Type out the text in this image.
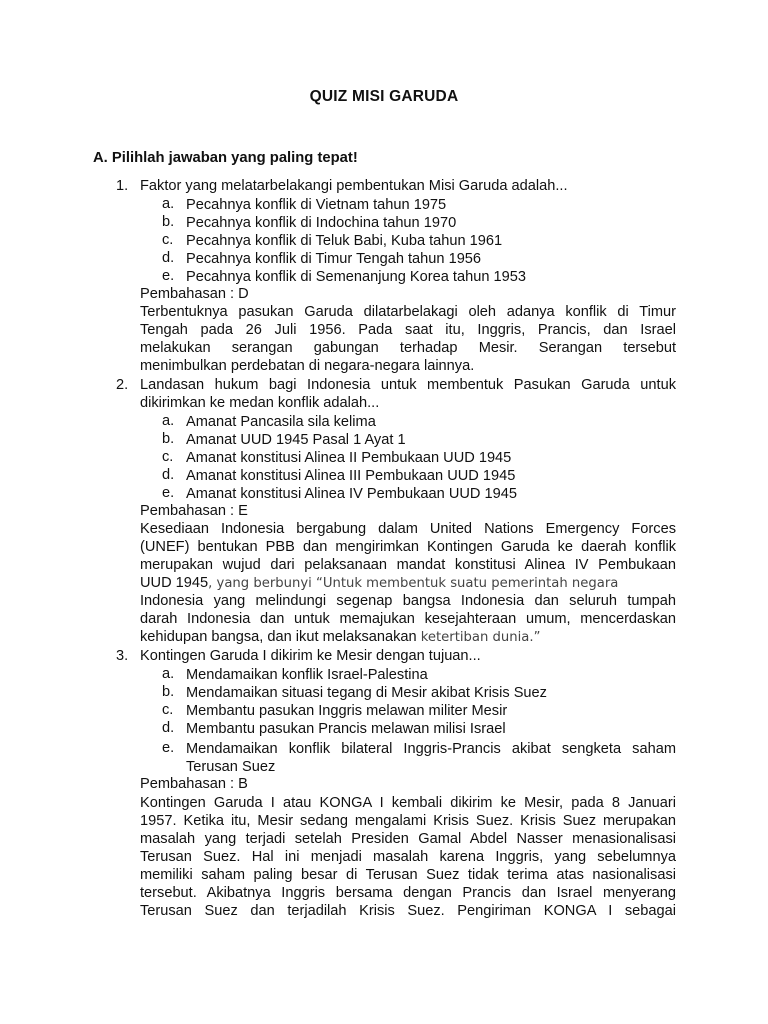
QUIZ MISI GARUDA
A. Pilihlah jawaban yang paling tepat!
1. Faktor yang melatarbelakangi pembentukan Misi Garuda adalah...
a. Pecahnya konflik di Vietnam tahun 1975
b. Pecahnya konflik di Indochina tahun 1970
c. Pecahnya konflik di Teluk Babi, Kuba tahun 1961
d. Pecahnya konflik di Timur Tengah tahun 1956
e. Pecahnya konflik di Semenanjung Korea tahun 1953
Pembahasan : D
Terbentuknya pasukan Garuda dilatarbelakagi oleh adanya konflik di Timur
Tengah pada 26 Juli 1956. Pada saat itu, Inggris, Prancis, dan Israel
melakukan serangan gabungan terhadap Mesir. Serangan tersebut
menimbulkan perdebatan di negara-negara lainnya.
2. Landasan hukum bagi Indonesia untuk membentuk Pasukan Garuda untuk
dikirimkan ke medan konflik adalah...
a. Amanat Pancasila sila kelima
b. Amanat UUD 1945 Pasal 1 Ayat 1
c. Amanat konstitusi Alinea II Pembukaan UUD 1945
d. Amanat konstitusi Alinea III Pembukaan UUD 1945
e. Amanat konstitusi Alinea IV Pembukaan UUD 1945
Pembahasan : E
Kesediaan Indonesia bergabung dalam United Nations Emergency Forces
(UNEF) bentukan PBB dan mengirimkan Kontingen Garuda ke daerah konflik
merupakan wujud dari pelaksanaan mandat konstitusi Alinea IV Pembukaan
UUD 1945, yang berbunyi “Untuk membentuk suatu pemerintah negara
Indonesia yang melindungi segenap bangsa Indonesia dan seluruh tumpah
darah Indonesia dan untuk memajukan kesejahteraan umum, mencerdaskan
kehidupan bangsa, dan ikut melaksanakan ketertiban dunia.”
3. Kontingen Garuda I dikirim ke Mesir dengan tujuan...
a. Mendamaikan konflik Israel-Palestina
b. Mendamaikan situasi tegang di Mesir akibat Krisis Suez
c. Membantu pasukan Inggris melawan militer Mesir
d. Membantu pasukan Prancis melawan milisi Israel
e. Mendamaikan konflik bilateral Inggris-Prancis akibat sengketa saham
Terusan Suez
Pembahasan : B
Kontingen Garuda I atau KONGA I kembali dikirim ke Mesir, pada 8 Januari
1957. Ketika itu, Mesir sedang mengalami Krisis Suez. Krisis Suez merupakan
masalah yang terjadi setelah Presiden Gamal Abdel Nasser menasionalisasi
Terusan Suez. Hal ini menjadi masalah karena Inggris, yang sebelumnya
memiliki saham paling besar di Terusan Suez tidak terima atas nasionalisasi
tersebut. Akibatnya Inggris bersama dengan Prancis dan Israel menyerang
Terusan Suez dan terjadilah Krisis Suez. Pengiriman KONGA I sebagai
